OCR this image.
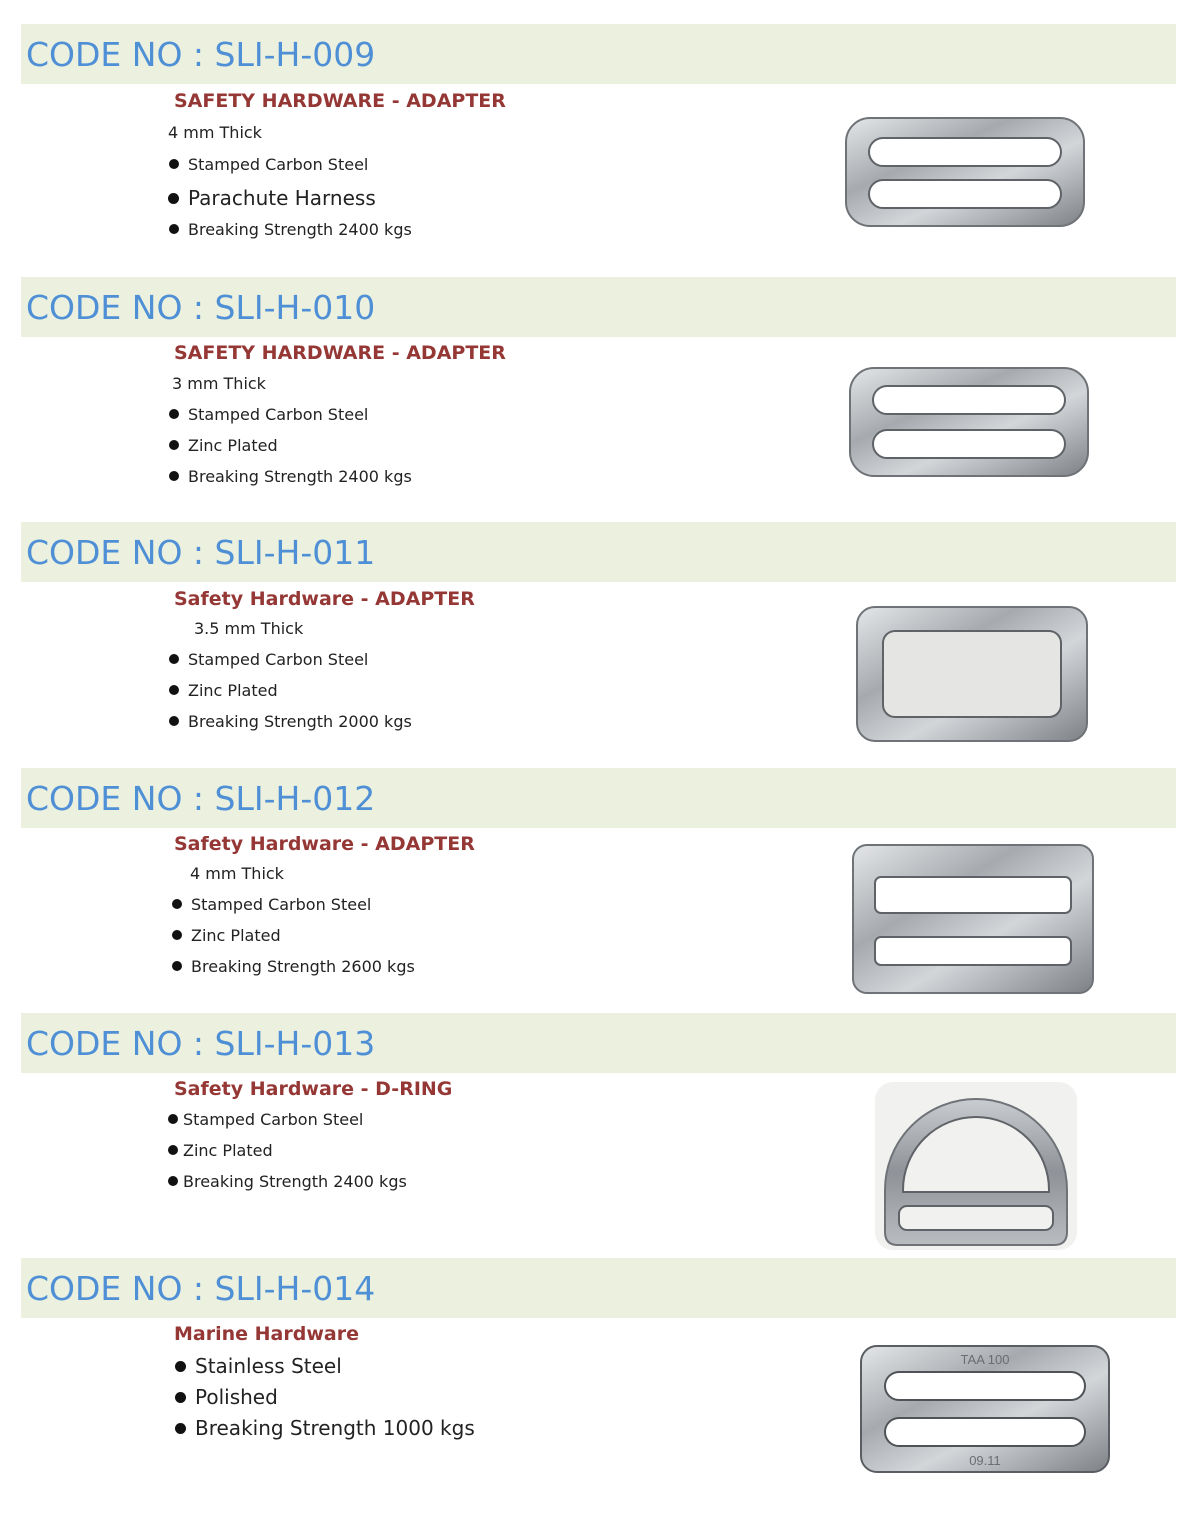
CODE NO : SLI-H-009
SAFETY HARDWARE - ADAPTER
4 mm Thick
Stamped Carbon Steel
Parachute Harness
Breaking Strength 2400 kgs
CODE NO : SLI-H-010
SAFETY HARDWARE - ADAPTER
3 mm Thick
Stamped Carbon Steel
Zinc Plated
Breaking Strength 2400 kgs
CODE NO : SLI-H-011
Safety Hardware - ADAPTER
3.5 mm Thick
Stamped Carbon Steel
Zinc Plated
Breaking Strength 2000 kgs
CODE NO : SLI-H-012
Safety Hardware - ADAPTER
4 mm Thick
Stamped Carbon Steel
Zinc Plated
Breaking Strength 2600 kgs
CODE NO : SLI-H-013
Safety Hardware - D-RING
Stamped Carbon Steel
Zinc Plated
Breaking Strength 2400 kgs
CODE NO : SLI-H-014
Marine Hardware
Stainless Steel
Polished
Breaking Strength 1000 kgs
TAA 100
09.11
